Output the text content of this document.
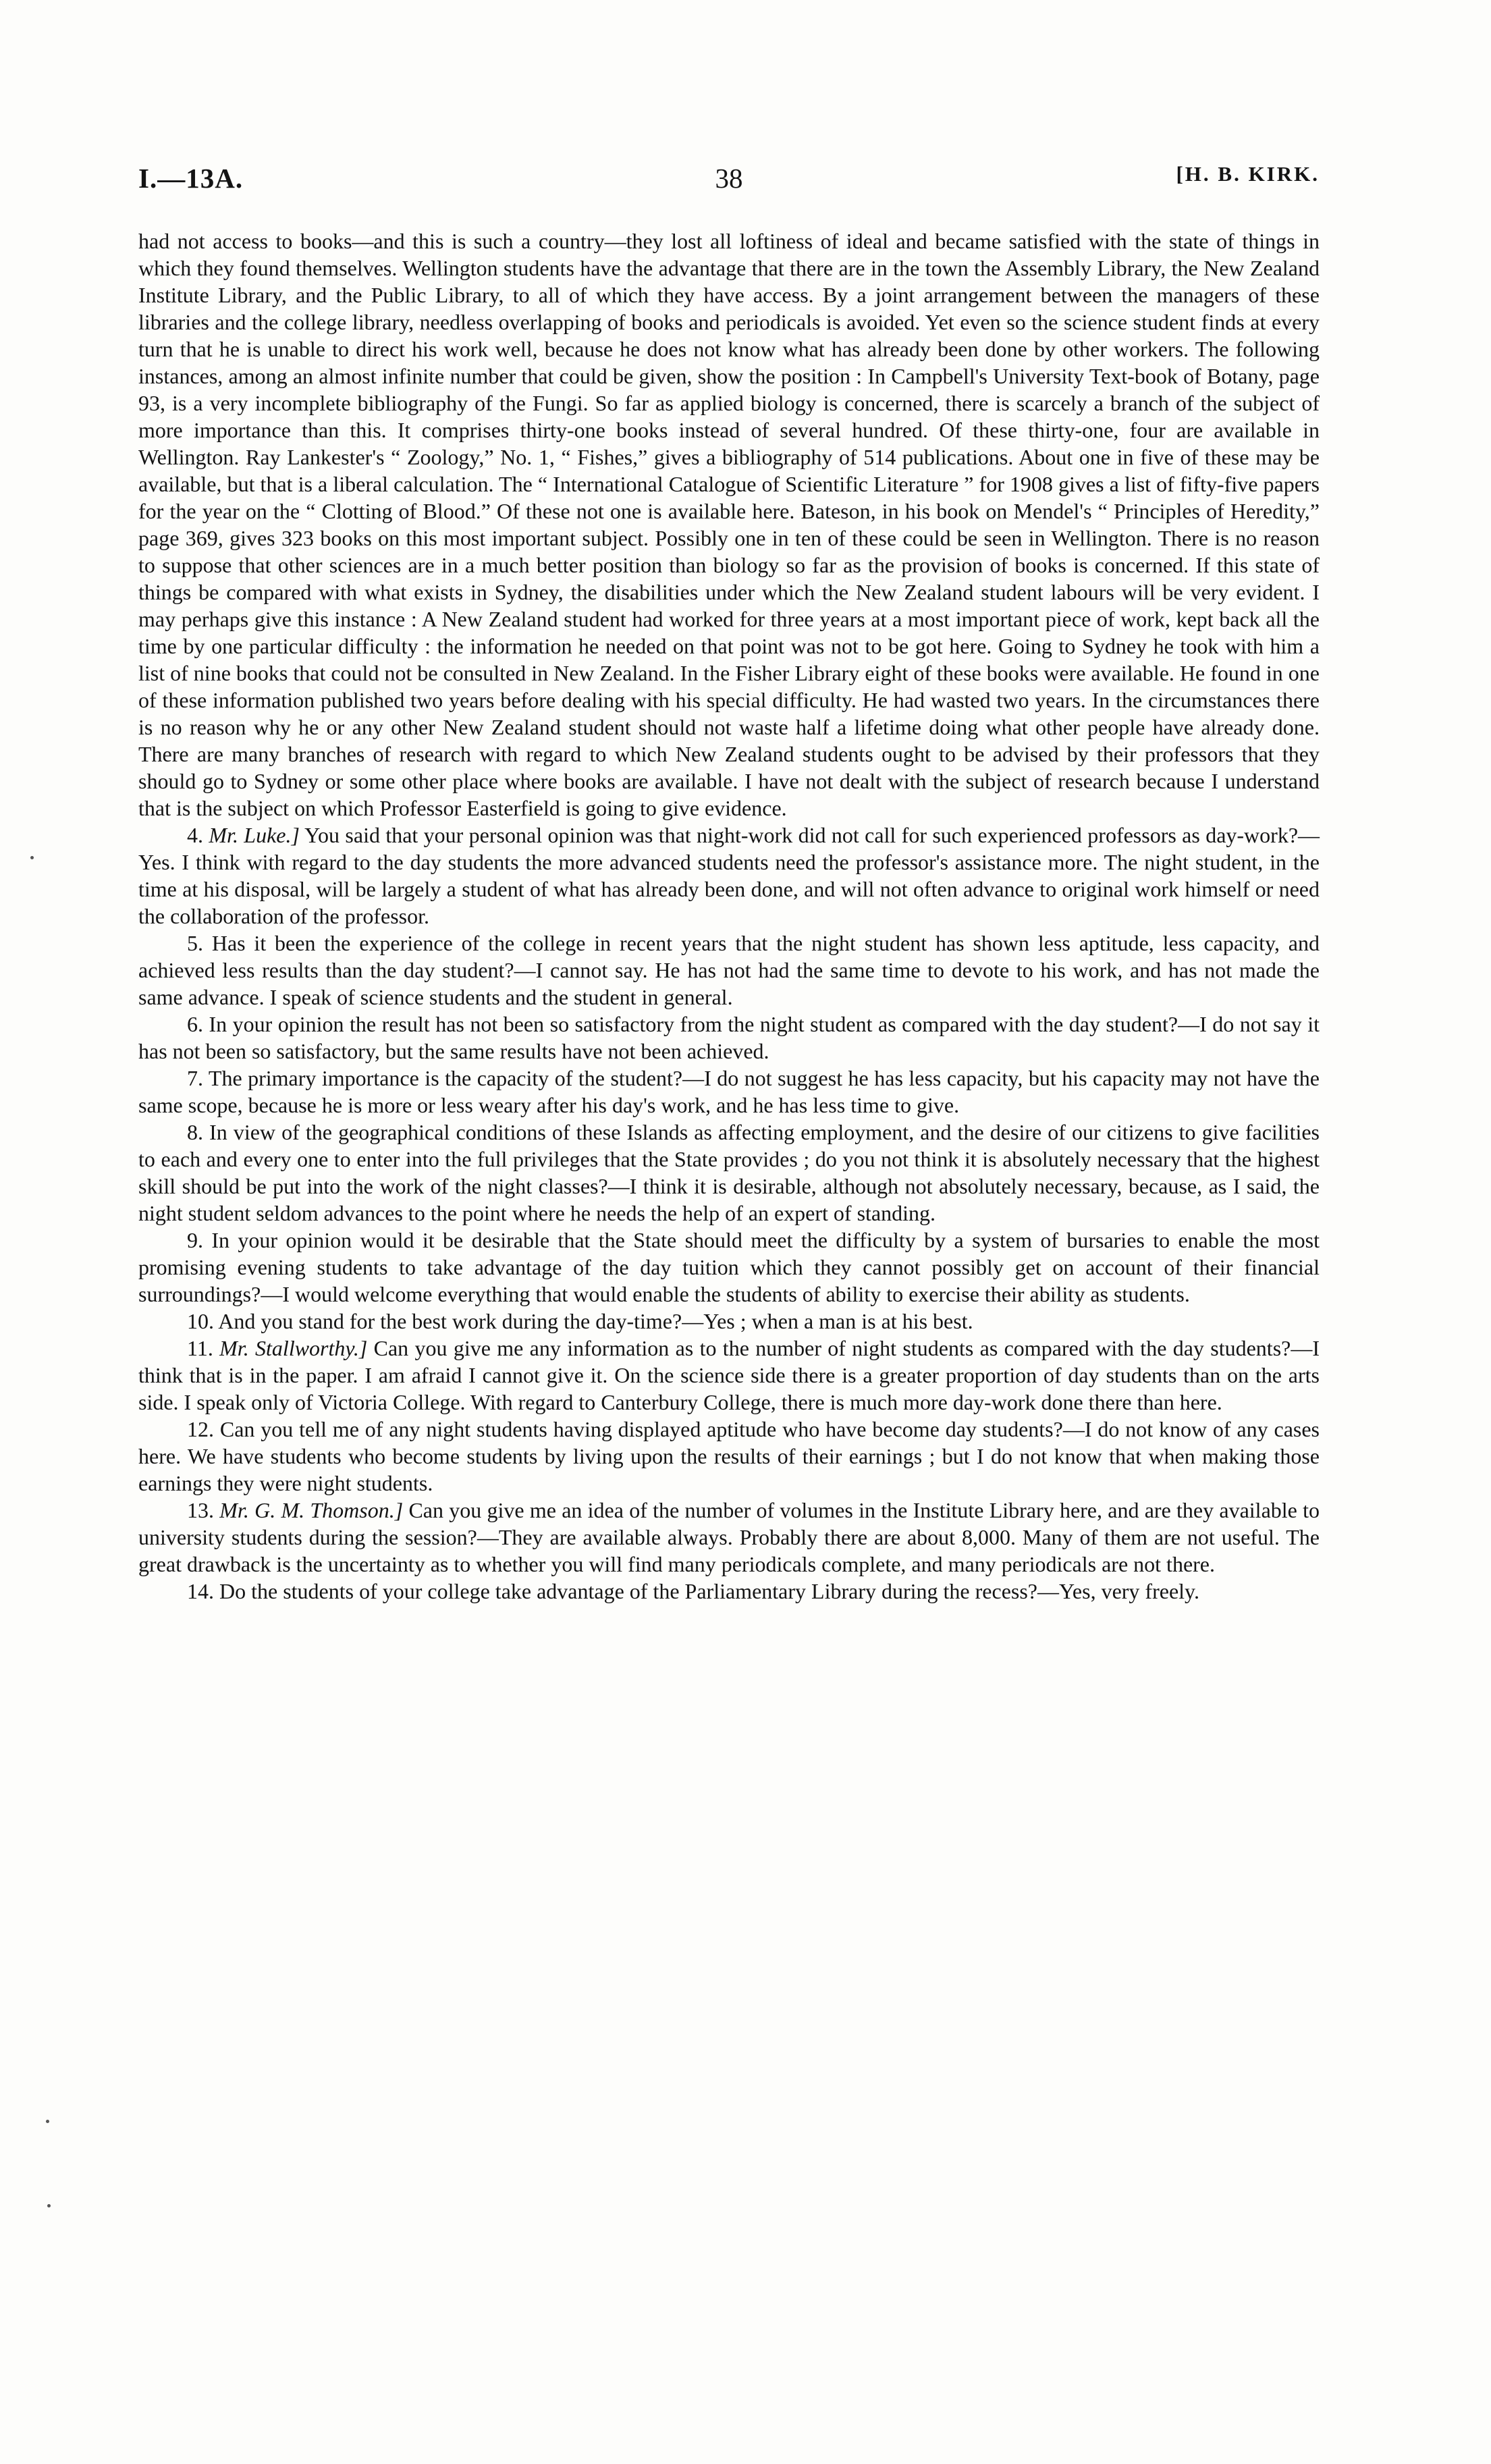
I.—13A.	38	[H. B. KIRK.

had not access to books—and this is such a country—they lost all loftiness of ideal and became satisfied with the state of things in which they found themselves. Wellington students have the advantage that there are in the town the Assembly Library, the New Zealand Institute Library, and the Public Library, to all of which they have access. By a joint arrangement between the managers of these libraries and the college library, needless overlapping of books and periodicals is avoided. Yet even so the science student finds at every turn that he is unable to direct his work well, because he does not know what has already been done by other workers. The following instances, among an almost infinite number that could be given, show the position : In Campbell's University Text-book of Botany, page 93, is a very incomplete bibliography of the Fungi. So far as applied biology is concerned, there is scarcely a branch of the subject of more importance than this. It comprises thirty-one books instead of several hundred. Of these thirty-one, four are available in Wellington. Ray Lankester's “ Zoology,” No. 1, “ Fishes,” gives a bibliography of 514 publications. About one in five of these may be available, but that is a liberal calculation. The “ International Catalogue of Scientific Literature ” for 1908 gives a list of fifty-five papers for the year on the “ Clotting of Blood.” Of these not one is available here. Bateson, in his book on Mendel's “ Principles of Heredity,” page 369, gives 323 books on this most important subject. Possibly one in ten of these could be seen in Wellington. There is no reason to suppose that other sciences are in a much better position than biology so far as the provision of books is concerned. If this state of things be compared with what exists in Sydney, the disabilities under which the New Zealand student labours will be very evident. I may perhaps give this instance : A New Zealand student had worked for three years at a most important piece of work, kept back all the time by one particular difficulty : the information he needed on that point was not to be got here. Going to Sydney he took with him a list of nine books that could not be consulted in New Zealand. In the Fisher Library eight of these books were available. He found in one of these information published two years before dealing with his special difficulty. He had wasted two years. In the circumstances there is no reason why he or any other New Zealand student should not waste half a lifetime doing what other people have already done. There are many branches of research with regard to which New Zealand students ought to be advised by their professors that they should go to Sydney or some other place where books are available. I have not dealt with the subject of research because I understand that is the subject on which Professor Easterfield is going to give evidence.

4. Mr. Luke.] You said that your personal opinion was that night-work did not call for such experienced professors as day-work?—Yes. I think with regard to the day students the more advanced students need the professor's assistance more. The night student, in the time at his disposal, will be largely a student of what has already been done, and will not often advance to original work himself or need the collaboration of the professor.

5. Has it been the experience of the college in recent years that the night student has shown less aptitude, less capacity, and achieved less results than the day student?—I cannot say. He has not had the same time to devote to his work, and has not made the same advance. I speak of science students and the student in general.

6. In your opinion the result has not been so satisfactory from the night student as compared with the day student?—I do not say it has not been so satisfactory, but the same results have not been achieved.

7. The primary importance is the capacity of the student?—I do not suggest he has less capacity, but his capacity may not have the same scope, because he is more or less weary after his day's work, and he has less time to give.

8. In view of the geographical conditions of these Islands as affecting employment, and the desire of our citizens to give facilities to each and every one to enter into the full privileges that the State provides ; do you not think it is absolutely necessary that the highest skill should be put into the work of the night classes?—I think it is desirable, although not absolutely necessary, because, as I said, the night student seldom advances to the point where he needs the help of an expert of standing.

9. In your opinion would it be desirable that the State should meet the difficulty by a system of bursaries to enable the most promising evening students to take advantage of the day tuition which they cannot possibly get on account of their financial surroundings?—I would welcome everything that would enable the students of ability to exercise their ability as students.

10. And you stand for the best work during the day-time?—Yes ; when a man is at his best.

11. Mr. Stallworthy.] Can you give me any information as to the number of night students as compared with the day students?—I think that is in the paper. I am afraid I cannot give it. On the science side there is a greater proportion of day students than on the arts side. I speak only of Victoria College. With regard to Canterbury College, there is much more day-work done there than here.

12. Can you tell me of any night students having displayed aptitude who have become day students?—I do not know of any cases here. We have students who become students by living upon the results of their earnings ; but I do not know that when making those earnings they were night students.

13. Mr. G. M. Thomson.] Can you give me an idea of the number of volumes in the Institute Library here, and are they available to university students during the session?—They are available always. Probably there are about 8,000. Many of them are not useful. The great drawback is the uncertainty as to whether you will find many periodicals complete, and many periodicals are not there.

14. Do the students of your college take advantage of the Parliamentary Library during the recess?—Yes, very freely.
